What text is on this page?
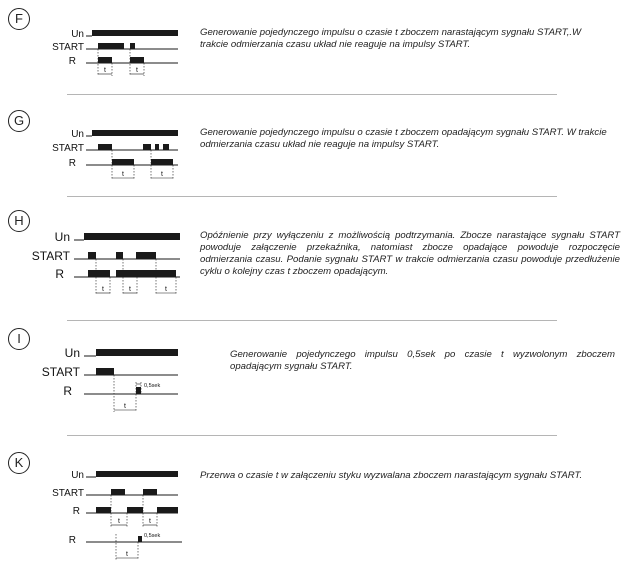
F
Un
START
R
t	t
Generowanie pojedynczego impulsu o czasie t zboczem narastającym sygnału START,.W trakcie odmierzania czasu układ nie reaguje na impulsy START.
G
Un
START
R
t	t
Generowanie pojedynczego impulsu o czasie t zboczem opadającym sygnału START. W trakcie odmierzania czasu układ nie reaguje na impulsy START.
H
Un
START
R
t	t	t
Opóźnienie przy wyłączeniu z możliwością podtrzymania. Zbocze narastające sygnału START powoduje załączenie przekaźnika, natomiast zbocze opadające powoduje rozpoczęcie odmierzania czasu. Podanie sygnału START w trakcie odmierzania czasu powoduje przedłużenie cyklu o kolejny czas t zboczem opadającym.
I
Un
START
R
t
0,5sek
Generowanie pojedynczego impulsu 0,5sek po czasie t wyzwolonym zboczem opadającym sygnału START.
K
Un
START
R
t	t
R
t
0,5sek
Przerwa o czasie t w załączeniu styku wyzwalana zboczem narastającym sygnału START.
